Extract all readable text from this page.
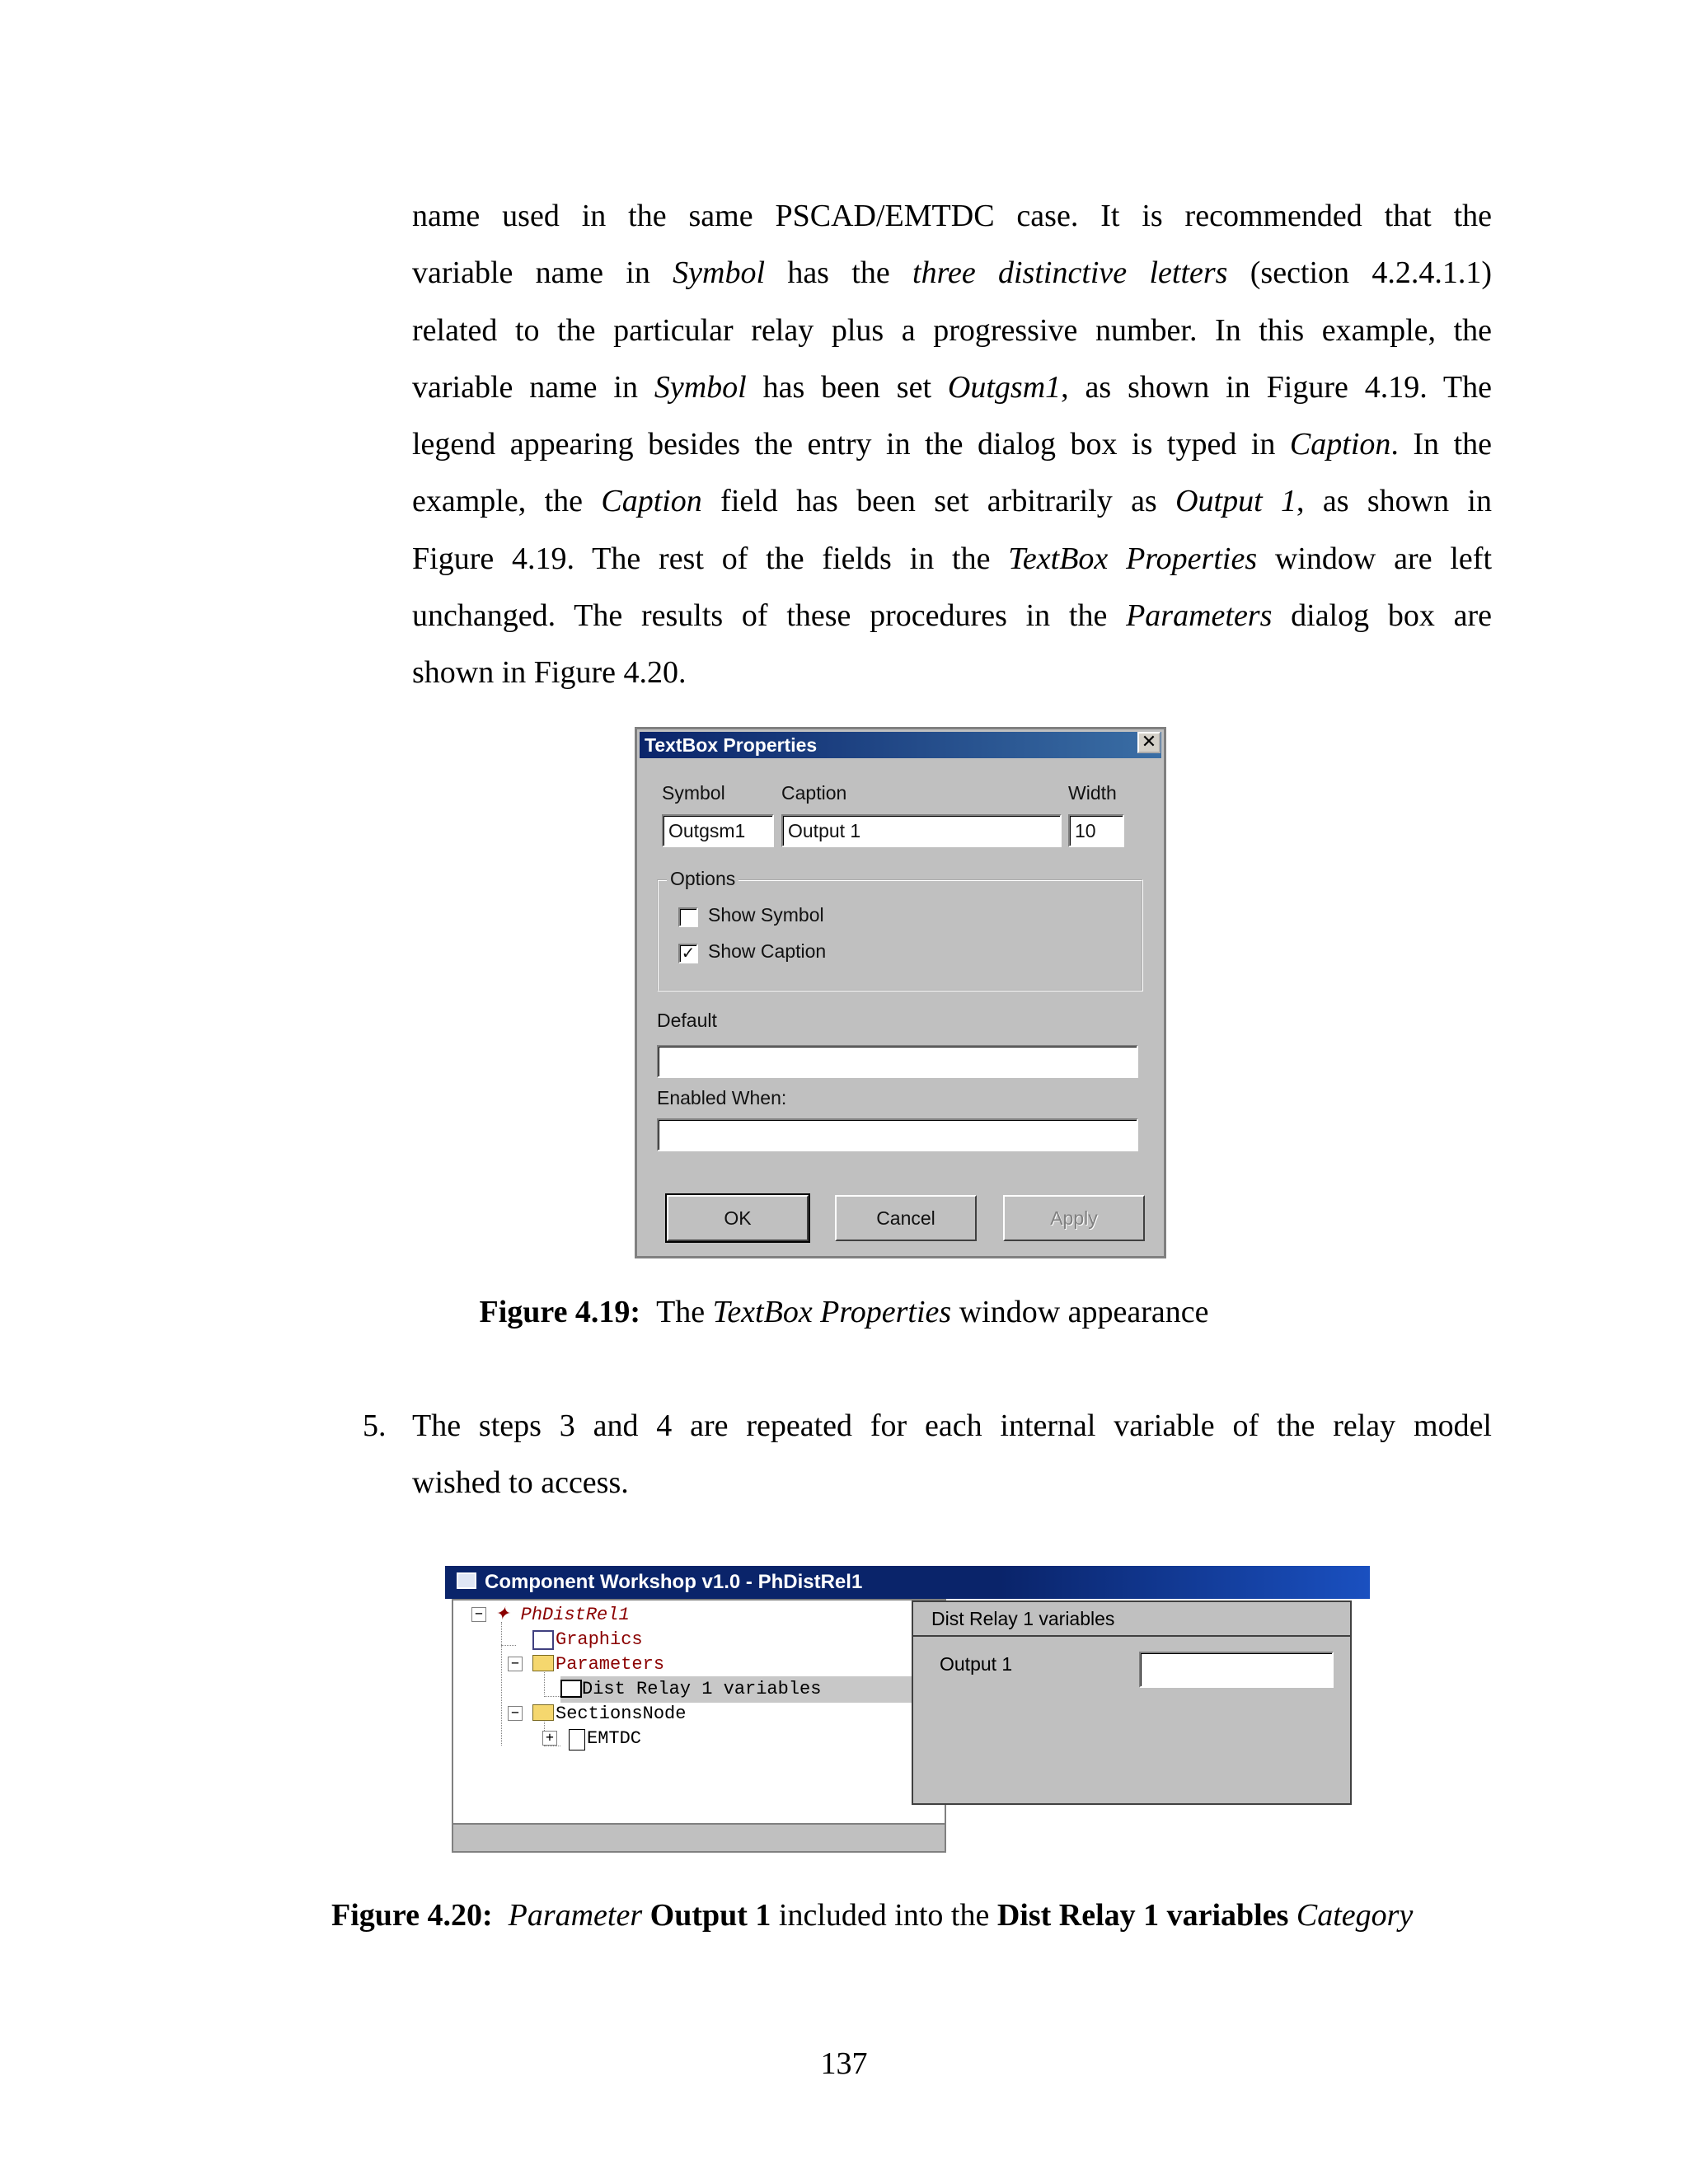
name used in the same PSCAD/EMTDC case. It is recommended that the
variable name in Symbol has the three distinctive letters (section 4.2.4.1.1)
related to the particular relay plus a progressive number. In this example, the
variable name in Symbol has been set Outgsm1, as shown in Figure 4.19. The
legend appearing besides the entry in the dialog box is typed in Caption. In the
example, the Caption field has been set arbitrarily as Output 1, as shown in
Figure 4.19. The rest of the fields in the TextBox Properties window are left
unchanged. The results of these procedures in the Parameters dialog box are
shown in Figure 4.20.
TextBox Properties	✕
Symbol	Caption	Width
Outgsm1	Output 1	10
Options
Show Symbol
✓ Show Caption
Default
Enabled When:
OK	Cancel	Apply
Figure 4.19: The TextBox Properties window appearance
5. The steps 3 and 4 are repeated for each internal variable of the relay model
wished to access.
Component Workshop v1.0 - PhDistRel1
− ✦ PhDistRel1
Graphics
− Parameters
Dist Relay 1 variables
− SectionsNode
+ EMTDC
Dist Relay 1 variables
Output 1
Figure 4.20: Parameter Output 1 included into the Dist Relay 1 variables Category
137
